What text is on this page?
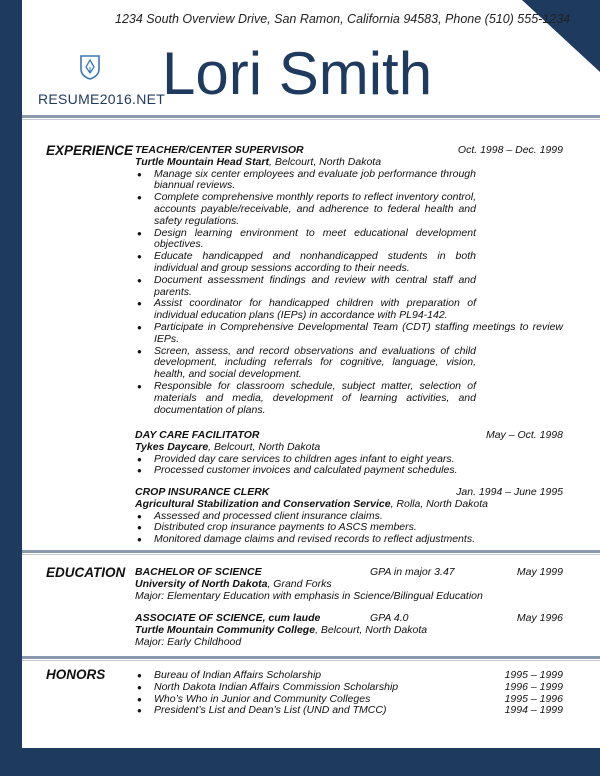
1234 South Overview Drive, San Ramon, California 94583, Phone (510) 555-1234
RESUME2016.NET
Lori Smith
EXPERIENCE TEACHER/CENTER SUPERVISOR	Oct. 1998 – Dec. 1999
Turtle Mountain Head Start, Belcourt, North Dakota
● Manage six center employees and evaluate job performance through biannual reviews.
● Complete comprehensive monthly reports to reflect inventory control, accounts payable/receivable, and adherence to federal health and safety regulations.
● Design learning environment to meet educational development objectives.
● Educate handicapped and nonhandicapped students in both individual and group sessions according to their needs.
● Document assessment findings and review with central staff and parents.
● Assist coordinator for handicapped children with preparation of individual education plans (IEPs) in accordance with PL94-142.
● Participate in Comprehensive Developmental Team (CDT) staffing meetings to review IEPs.
● Screen, assess, and record observations and evaluations of child development, including referrals for cognitive, language, vision, health, and social development.
● Responsible for classroom schedule, subject matter, selection of materials and media, development of learning activities, and documentation of plans.
DAY CARE FACILITATOR	May – Oct. 1998
Tykes Daycare, Belcourt, North Dakota
● Provided day care services to children ages infant to eight years.
● Processed customer invoices and calculated payment schedules.
CROP INSURANCE CLERK	Jan. 1994 – June 1995
Agricultural Stabilization and Conservation Service, Rolla, North Dakota
● Assessed and processed client insurance claims.
● Distributed crop insurance payments to ASCS members.
● Monitored damage claims and revised records to reflect adjustments.
EDUCATION BACHELOR OF SCIENCE	GPA in major 3.47	May 1999
University of North Dakota, Grand Forks
Major: Elementary Education with emphasis in Science/Bilingual Education
ASSOCIATE OF SCIENCE, cum laude	GPA 4.0	May 1996
Turtle Mountain Community College, Belcourt, North Dakota
Major: Early Childhood
HONORS
●	Bureau of Indian Affairs Scholarship	1995 – 1999
● North Dakota Indian Affairs Commission Scholarship	1996 – 1999
● Who’s Who in Junior and Community Colleges	1995 – 1996
● President’s List and Dean’s List (UND and TMCC)	1994 – 1999
